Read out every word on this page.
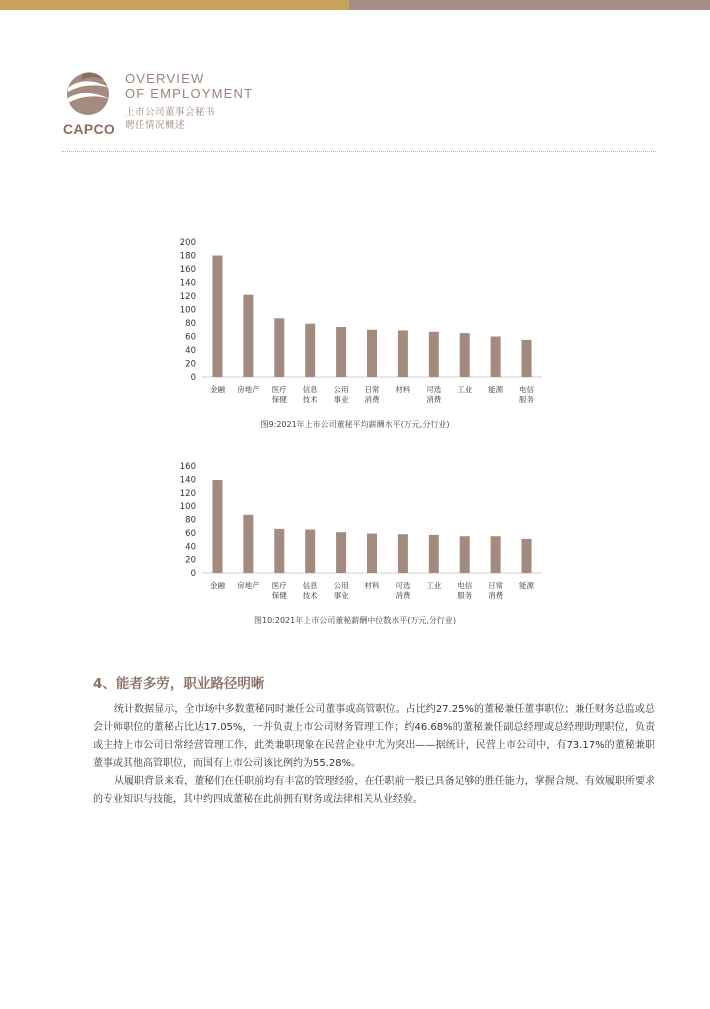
CAPCO
OVERVIEW
OF EMPLOYMENT
上市公司董事会秘书
聘任情况概述
0
20
40
60
80
100
120
140
160
180
200
金融 房地产 医疗
保健
信息
技术
公用
事业
日常
消费
材料 可选
消费
工业 能源 电信
服务
图9:2021年上市公司董秘平均薪酬水平(万元,分行业)
0
20
40
60
80
100
120
140
160
金融 房地产 医疗
保健
信息
技术
公用
事业
材料 可选
消费
工业 电信
服务
日常
消费
能源
图10:2021年上市公司董秘薪酬中位数水平(万元,分行业)
4、能者多劳，职业路径明晰

统计数据显示，全市场中多数董秘同时兼任公司董事或高管职位。占比约27.25%的董秘兼任董事职位；兼任财务总监或总会计师职位的董秘占比达17.05%，一并负责上市公司财务管理工作；约46.68%的董秘兼任副总经理或总经理助理职位，负责或主持上市公司日常经营管理工作，此类兼职现象在民营企业中尤为突出——据统计，民营上市公司中，有73.17%的董秘兼职董事或其他高管职位，而国有上市公司该比例约为55.28%。

从履职背景来看，董秘们在任职前均有丰富的管理经验，在任职前一般已具备足够的胜任能力，掌握合规、有效履职所要求的专业知识与技能，其中约四成董秘在此前拥有财务或法律相关从业经验。
